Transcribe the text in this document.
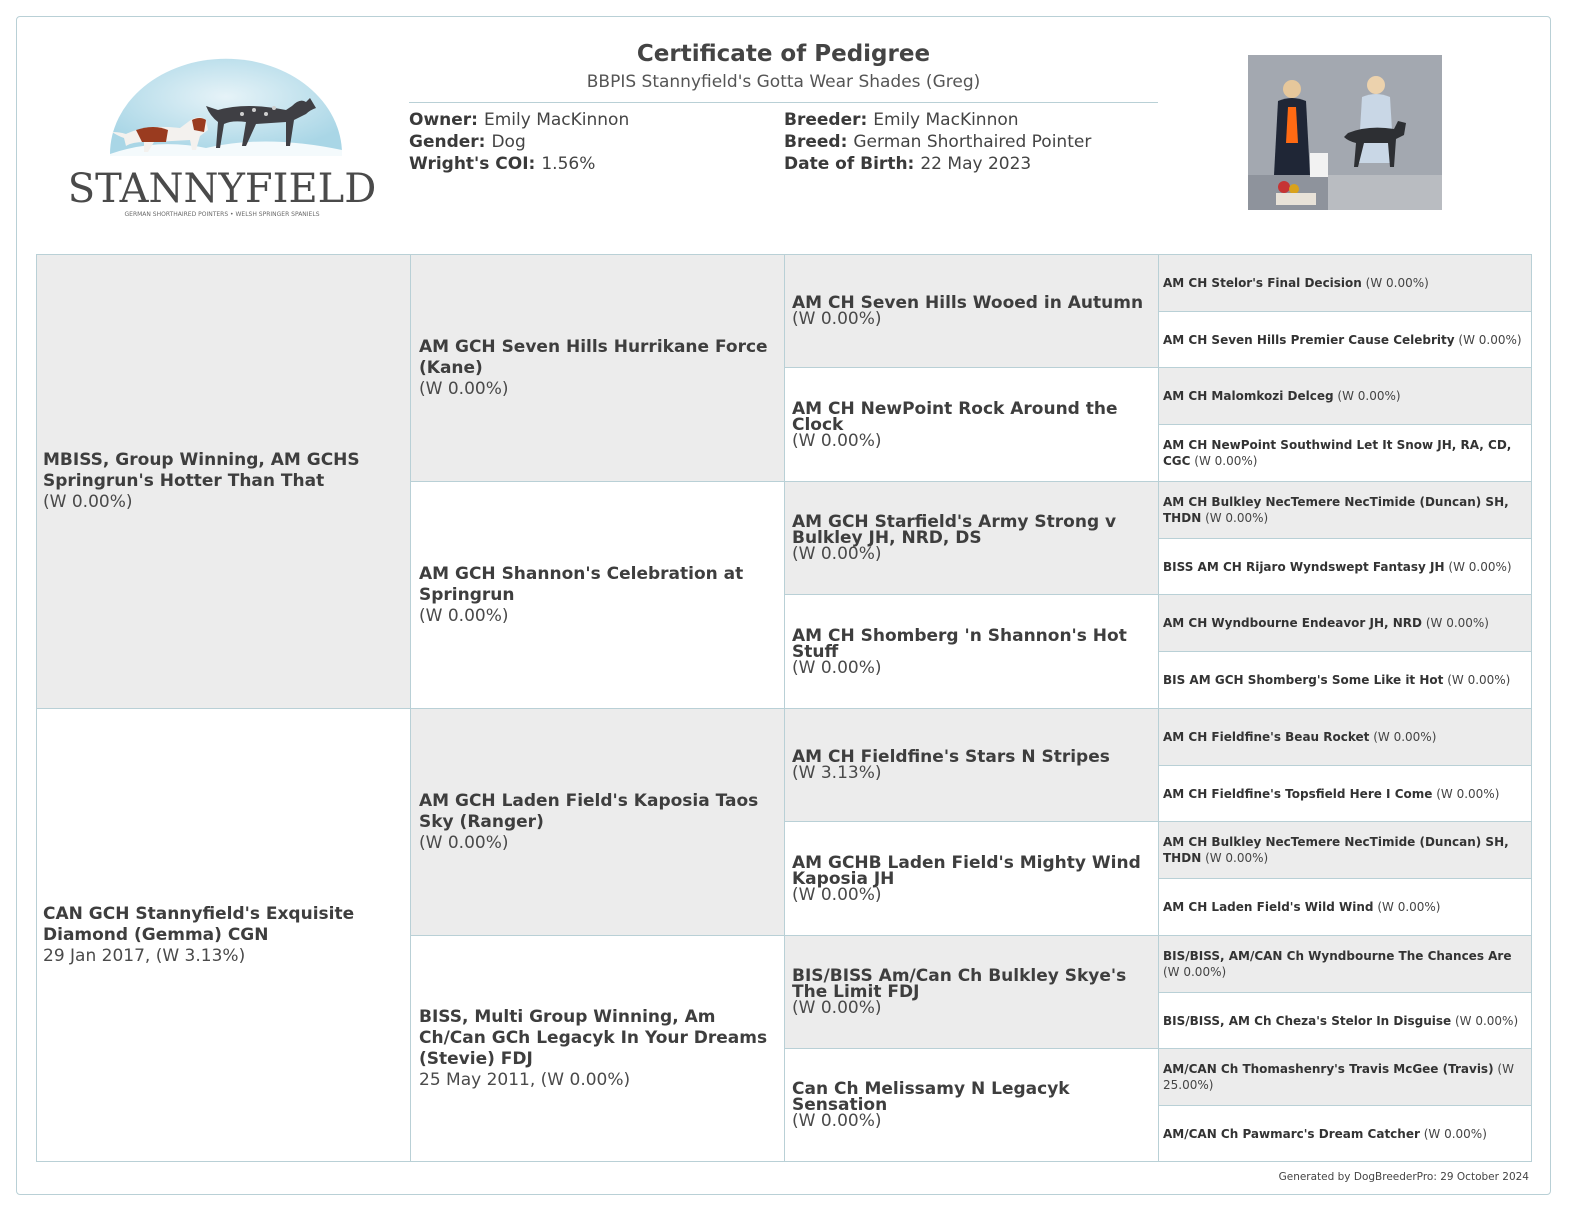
STANNYFIELD
GERMAN SHORTHAIRED POINTERS • WELSH SPRINGER SPANIELS
Certificate of Pedigree
BBPIS Stannyfield's Gotta Wear Shades (Greg)
Owner: Emily MacKinnon
Gender: Dog
Wright's COI: 1.56%
Breeder: Emily MacKinnon
Breed: German Shorthaired Pointer
Date of Birth: 22 May 2023
MBISS, Group Winning, AM GCHS Springrun's Hotter Than That
(W 0.00%)
CAN GCH Stannyfield's Exquisite Diamond (Gemma) CGN
29 Jan 2017, (W 3.13%)
AM GCH Seven Hills Hurrikane Force (Kane)
(W 0.00%)
AM GCH Shannon's Celebration at Springrun
(W 0.00%)
AM GCH Laden Field's Kaposia Taos Sky (Ranger)
(W 0.00%)
BISS, Multi Group Winning, Am Ch/Can GCh Legacyk In Your Dreams (Stevie) FDJ
25 May 2011, (W 0.00%)
AM CH Seven Hills Wooed in Autumn
(W 0.00%)
AM CH NewPoint Rock Around the Clock
(W 0.00%)
AM GCH Starfield's Army Strong v Bulkley JH, NRD, DS
(W 0.00%)
AM CH Shomberg 'n Shannon's Hot Stuff
(W 0.00%)
AM CH Fieldfine's Stars N Stripes
(W 3.13%)
AM GCHB Laden Field's Mighty Wind Kaposia JH
(W 0.00%)
BIS/BISS Am/Can Ch Bulkley Skye's The Limit FDJ
(W 0.00%)
Can Ch Melissamy N Legacyk Sensation
(W 0.00%)
AM CH Stelor's Final Decision (W 0.00%)
AM CH Seven Hills Premier Cause Celebrity (W 0.00%)
AM CH Malomkozi Delceg (W 0.00%)
AM CH NewPoint Southwind Let It Snow JH, RA, CD, CGC (W 0.00%)
AM CH Bulkley NecTemere NecTimide (Duncan) SH, THDN (W 0.00%)
BISS AM CH Rijaro Wyndswept Fantasy JH (W 0.00%)
AM CH Wyndbourne Endeavor JH, NRD (W 0.00%)
BIS AM GCH Shomberg's Some Like it Hot (W 0.00%)
AM CH Fieldfine's Beau Rocket (W 0.00%)
AM CH Fieldfine's Topsfield Here I Come (W 0.00%)
AM CH Bulkley NecTemere NecTimide (Duncan) SH, THDN (W 0.00%)
AM CH Laden Field's Wild Wind (W 0.00%)
BIS/BISS, AM/CAN Ch Wyndbourne The Chances Are (W 0.00%)
BIS/BISS, AM Ch Cheza's Stelor In Disguise (W 0.00%)
AM/CAN Ch Thomashenry's Travis McGee (Travis) (W 25.00%)
AM/CAN Ch Pawmarc's Dream Catcher (W 0.00%)
Generated by DogBreederPro: 29 October 2024
